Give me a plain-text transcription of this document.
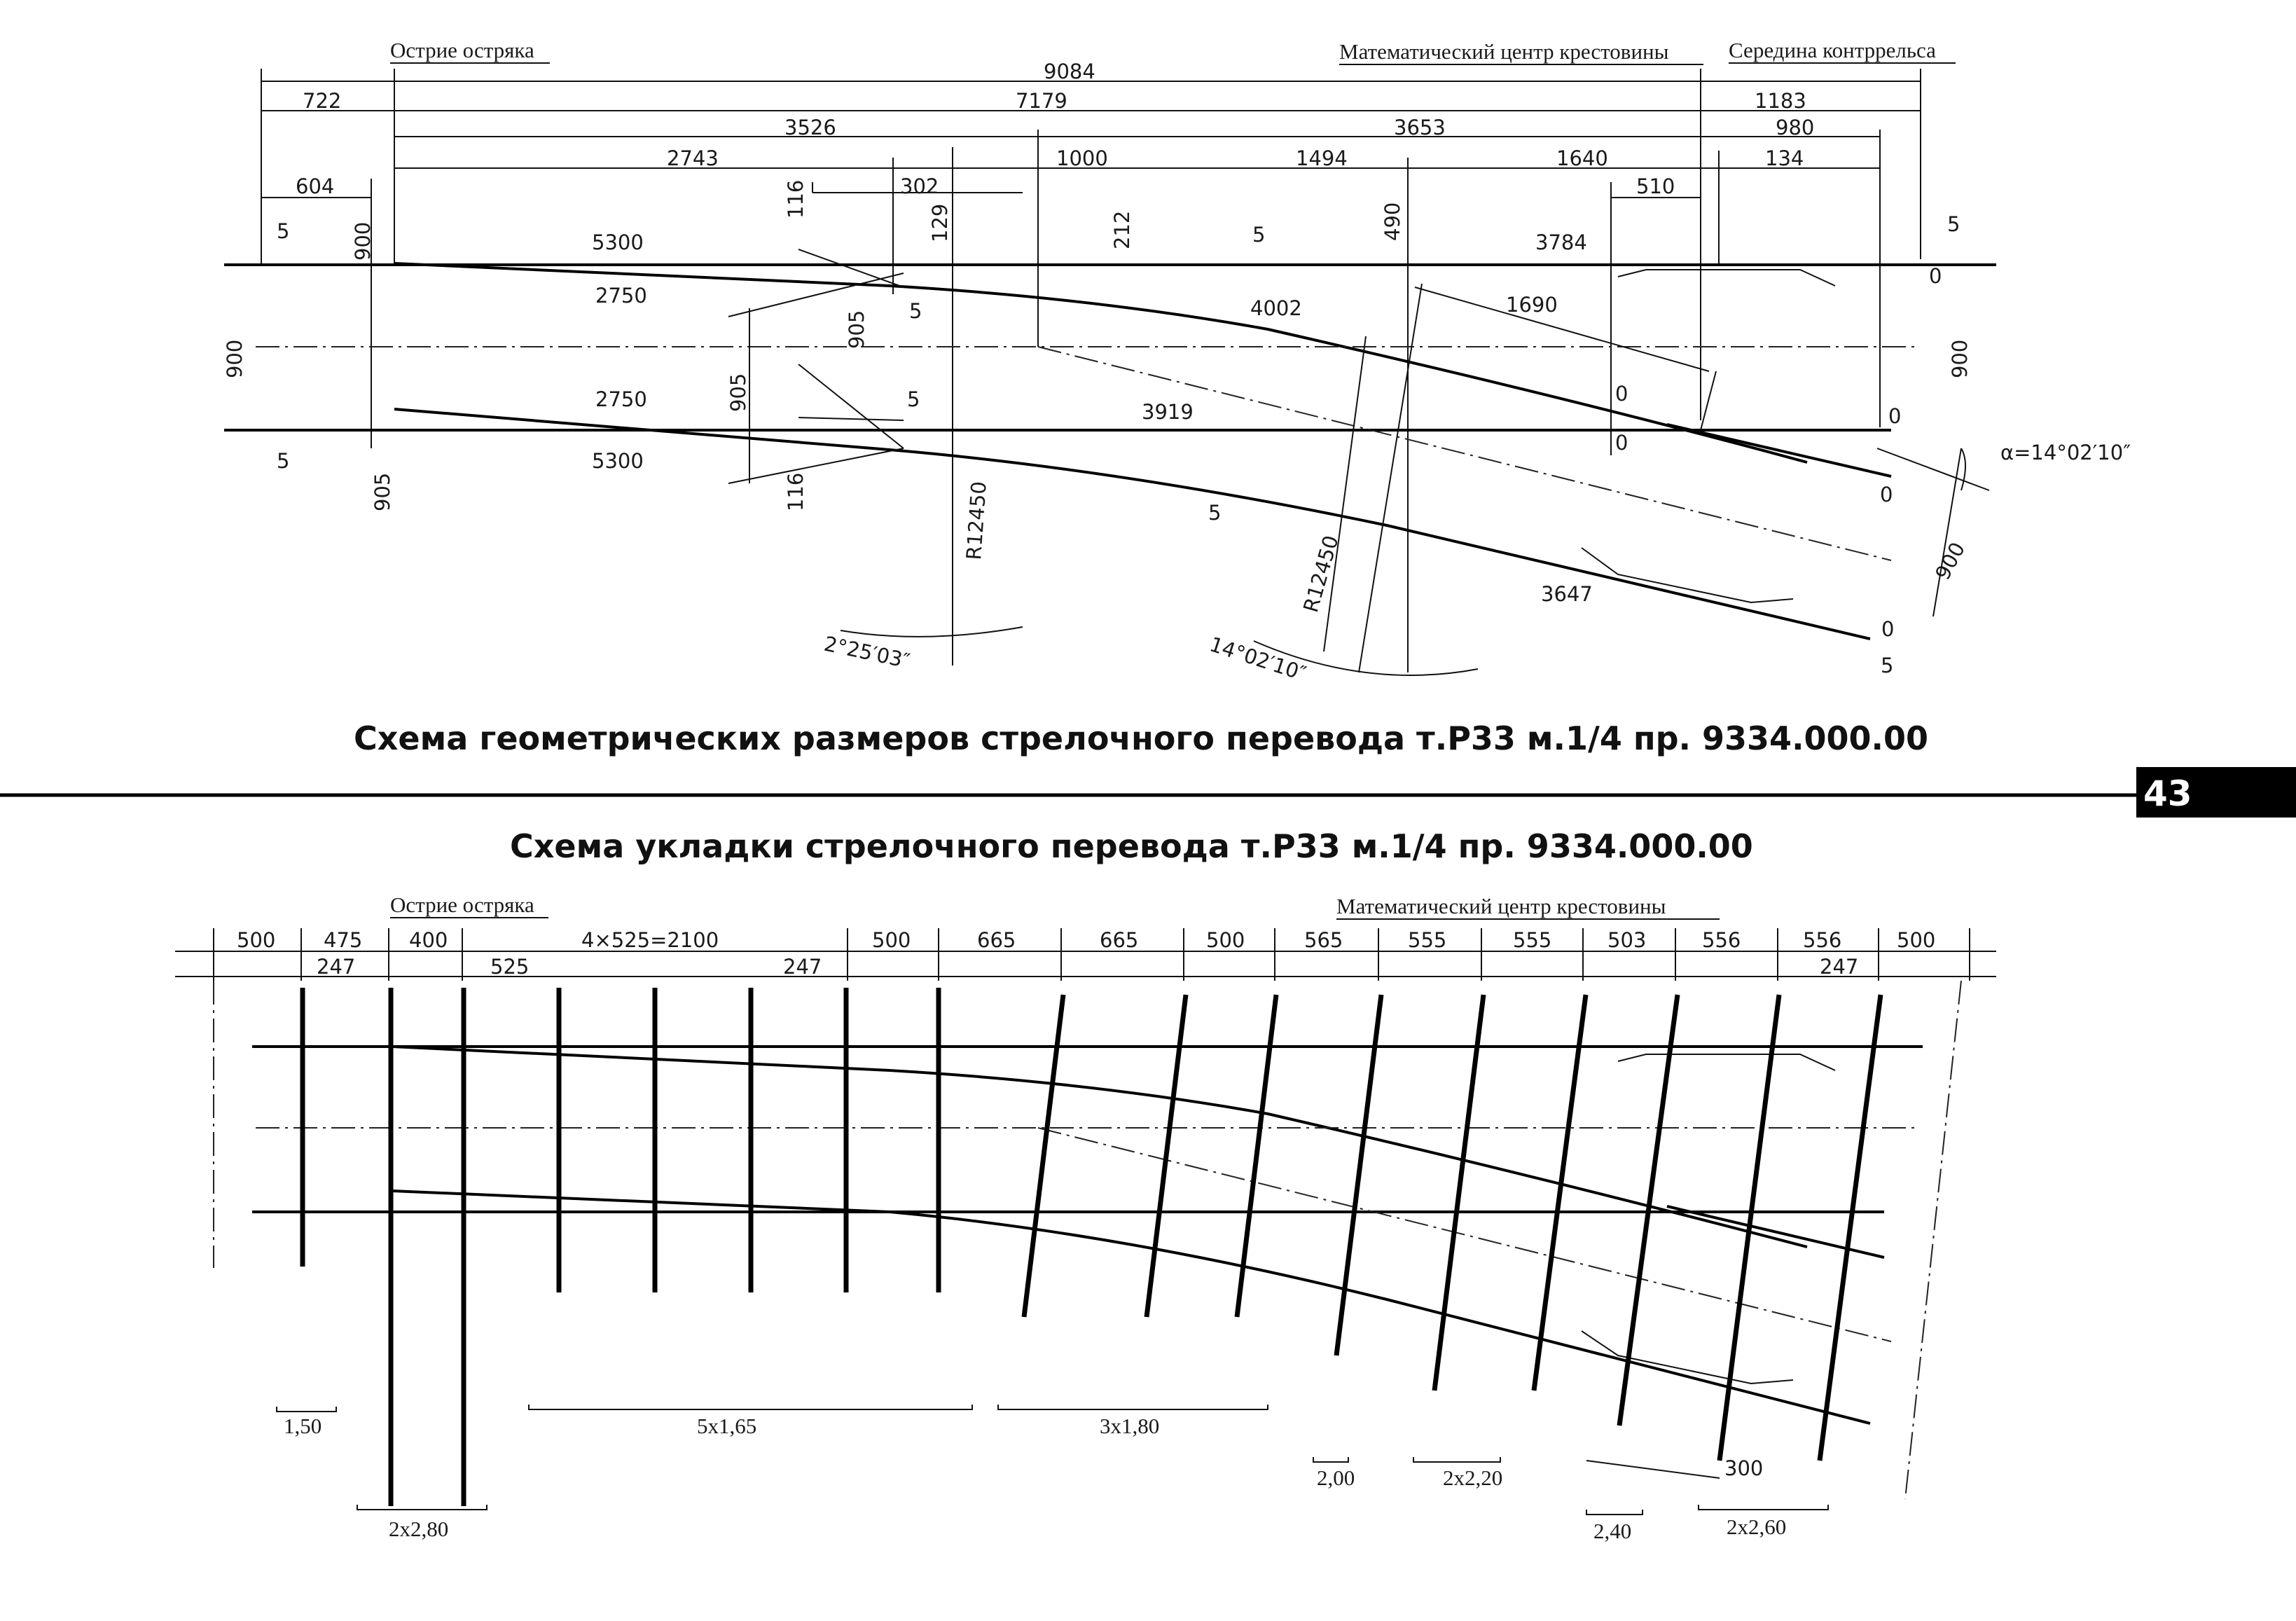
Острие остряка	Математический центр крестовины	Середина контррельса
9084
722	7179	1183
3526	3653	980
2743	1000	1494	1640	134
604	302	510
5	5	5
5
5
5
5
5
5300
5300
2750
2750
4002
3784
1690
3919
3647
0
0
0
0
0
0
900
900
900
900
905
905
905
116
116
129	212	490
R12450
R12450
2°25′03″	14°02′10″
α=14°02′10″
Схема геометрических размеров стрелочного перевода т.Р33 м.1/4 пр. 9334.000.00
43
Схема укладки стрелочного перевода т.Р33 м.1/4 пр. 9334.000.00
Острие остряка	Математический центр крестовины
500 475 400	4×525=2100	500	665	665	500	565	555	555	503	556	556	500
247	525	247	247
1,50
2x2,80
5x1,65	3x1,80
2,00	2x2,20
2,40
300
2x2,60
